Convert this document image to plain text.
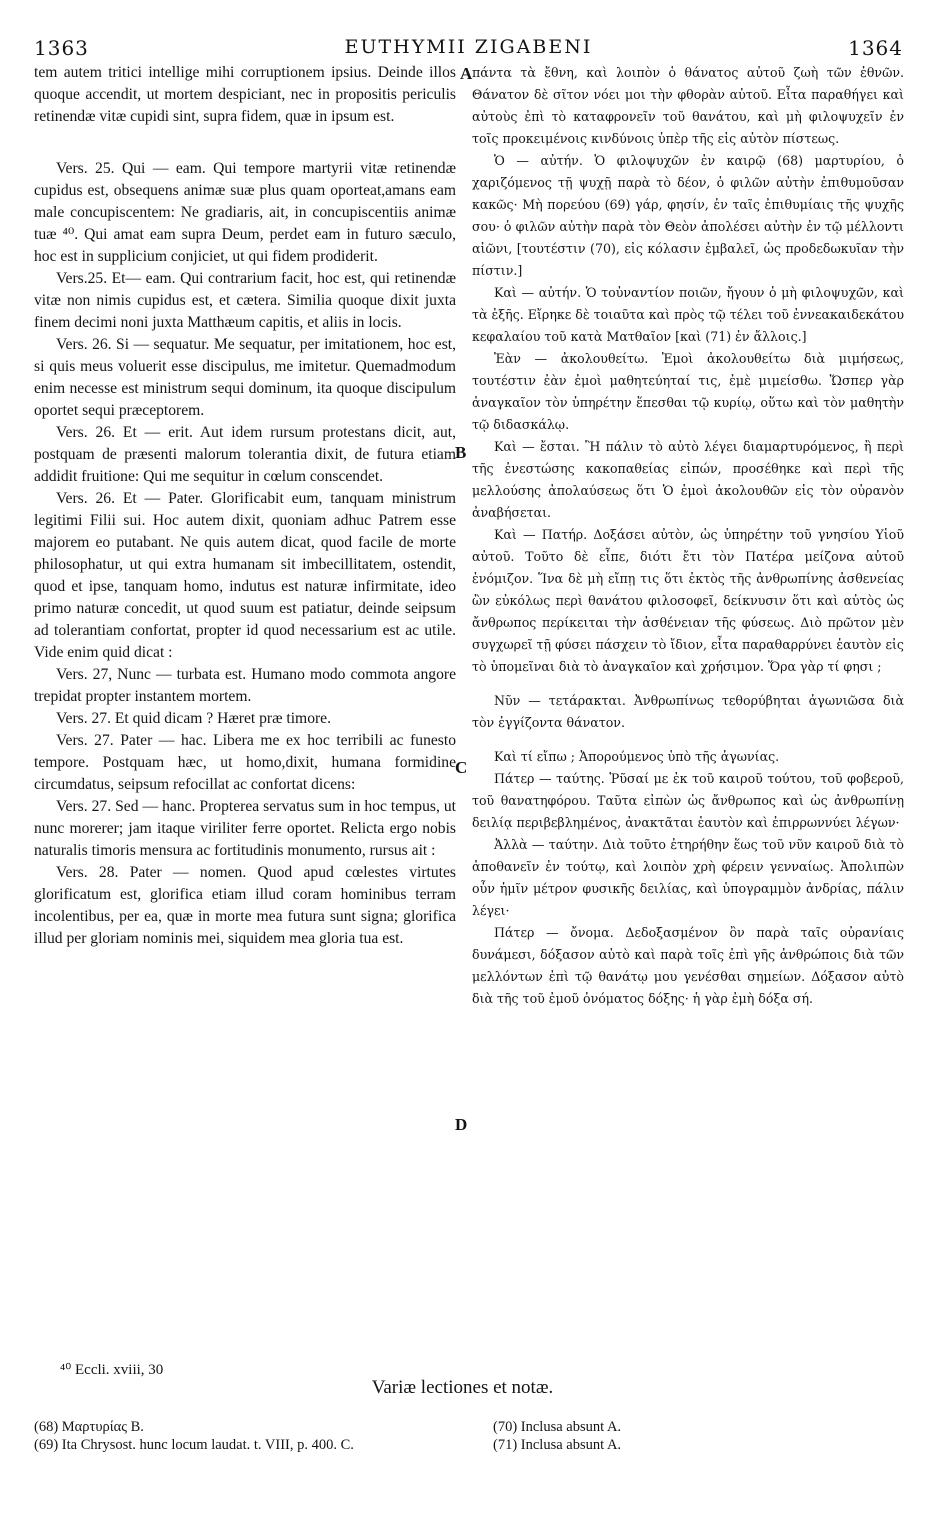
1363	EUTHYMII ZIGABENI	1364
A
B
C
D

tem autem tritici intellige mihi corruptionem ipsius. Deinde illos quoque accendit, ut mortem despiciant, nec in propositis periculis retinendæ vitæ cupidi sint, supra fidem, quæ in ipsum est.

Vers. 25. Qui — eam. Qui tempore martyrii vitæ retinendæ cupidus est, obsequens animæ suæ plus quam oporteat,amans eam male concupiscentem: Ne gradiaris, ait, in concupiscentiis animæ tuæ ⁴⁰. Qui amat eam supra Deum, perdet eam in futuro sæculo, hoc est in supplicium conjiciet, ut qui fidem prodiderit.

Vers.25. Et— eam. Qui contrarium facit, hoc est, qui retinendæ vitæ non nimis cupidus est, et cætera. Similia quoque dixit juxta finem decimi noni juxta Matthæum capitis, et aliis in locis.

Vers. 26. Si — sequatur. Me sequatur, per imitationem, hoc est, si quis meus voluerit esse discipulus, me imitetur. Quemadmodum enim necesse est ministrum sequi dominum, ita quoque discipulum oportet sequi præceptorem.

Vers. 26. Et — erit. Aut idem rursum protestans dicit, aut, postquam de præsenti malorum tolerantia dixit, de futura etiam addidit fruitione: Qui me sequitur in cœlum conscendet.

Vers. 26. Et — Pater. Glorificabit eum, tanquam ministrum legitimi Filii sui. Hoc autem dixit, quoniam adhuc Patrem esse majorem eo putabant. Ne quis autem dicat, quod facile de morte philosophatur, ut qui extra humanam sit imbecillitatem, ostendit, quod et ipse, tanquam homo, indutus est naturæ infirmitate, ideo primo naturæ concedit, ut quod suum est patiatur, deinde seipsum ad tolerantiam confortat, propter id quod necessarium est ac utile. Vide enim quid dicat :

Vers. 27, Nunc — turbata est. Humano modo commota angore trepidat propter instantem mortem.

Vers. 27. Et quid dicam ? Hæret præ timore.

Vers. 27. Pater — hac. Libera me ex hoc terribili ac funesto tempore. Postquam hæc, ut homo,dixit, humana formidine circumdatus, seipsum refocillat ac confortat dicens:

Vers. 27. Sed — hanc. Propterea servatus sum in hoc tempus, ut nunc morerer; jam itaque viriliter ferre oportet. Relicta ergo nobis naturalis timoris mensura ac fortitudinis monumento, rursus ait :

Vers. 28. Pater — nomen. Quod apud cœlestes virtutes glorificatum est, glorifica etiam illud coram hominibus terram incolentibus, per ea, quæ in morte mea futura sunt signa; glorifica illud per gloriam nominis mei, siquidem mea gloria tua est.

πάντα τὰ ἔθνη, καὶ λοιπὸν ὁ θάνατος αὐτοῦ ζωὴ τῶν ἐθνῶν. Θάνατον δὲ σῖτον νόει μοι τὴν φθορὰν αὐτοῦ. Εἶτα παραθήγει καὶ αὐτοὺς ἐπὶ τὸ καταφρονεῖν τοῦ θανάτου, καὶ μὴ φιλοψυχεῖν ἐν τοῖς προκειμένοις κινδύνοις ὑπὲρ τῆς εἰς αὐτὸν πίστεως.

Ὁ — αὐτήν. Ὁ φιλοψυχῶν ἐν καιρῷ (68) μαρτυρίου, ὁ χαριζόμενος τῇ ψυχῇ παρὰ τὸ δέον, ὁ φιλῶν αὐτὴν ἐπιθυμοῦσαν κακῶς· Μὴ πορεύου (69) γάρ, φησίν, ἐν ταῖς ἐπιθυμίαις τῆς ψυχῆς σου· ὁ φιλῶν αὐτὴν παρὰ τὸν Θεὸν ἀπολέσει αὐτὴν ἐν τῷ μέλλοντι αἰῶνι, [τουτέστιν (70), εἰς κόλασιν ἐμβαλεῖ, ὡς προδεδωκυῖαν τὴν πίστιν.]

Καὶ — αὐτήν. Ὁ τοὐναντίον ποιῶν, ἤγουν ὁ μὴ φιλοψυχῶν, καὶ τὰ ἑξῆς. Εἴρηκε δὲ τοιαῦτα καὶ πρὸς τῷ τέλει τοῦ ἐννεακαιδεκάτου κεφαλαίου τοῦ κατὰ Ματθαῖον [καὶ (71) ἐν ἄλλοις.]

Ἐὰν — ἀκολουθείτω. Ἐμοὶ ἀκολουθείτω διὰ μιμήσεως, τουτέστιν ἐὰν ἐμοὶ μαθητεύηταί τις, ἐμὲ μιμείσθω. Ὥσπερ γὰρ ἀναγκαῖον τὸν ὑπηρέτην ἕπεσθαι τῷ κυρίῳ, οὕτω καὶ τὸν μαθητὴν τῷ διδασκάλῳ.

Καὶ — ἔσται. Ἢ πάλιν τὸ αὐτὸ λέγει διαμαρτυρόμενος, ἢ περὶ τῆς ἐνεστώσης κακοπαθείας εἰπών, προσέθηκε καὶ περὶ τῆς μελλούσης ἀπολαύσεως ὅτι Ὁ ἐμοὶ ἀκολουθῶν εἰς τὸν οὐρανὸν ἀναβήσεται.

Καὶ — Πατήρ. Δοξάσει αὐτὸν, ὡς ὑπηρέτην τοῦ γνησίου Υἱοῦ αὐτοῦ. Τοῦτο δὲ εἶπε, διότι ἔτι τὸν Πατέρα μείζονα αὐτοῦ ἐνόμιζον. Ἵνα δὲ μὴ εἴπῃ τις ὅτι ἐκτὸς τῆς ἀνθρωπίνης ἀσθενείας ὢν εὐκόλως περὶ θανάτου φιλοσοφεῖ, δείκνυσιν ὅτι καὶ αὐτὸς ὡς ἄνθρωπος περίκειται τὴν ἀσθένειαν τῆς φύσεως. Διὸ πρῶτον μὲν συγχωρεῖ τῇ φύσει πάσχειν τὸ ἴδιον, εἶτα παραθαρρύνει ἑαυτὸν εἰς τὸ ὑπομεῖναι διὰ τὸ ἀναγκαῖον καὶ χρήσιμον. Ὅρα γὰρ τί φησι ;

Νῦν — τετάρακται. Ἀνθρωπίνως τεθορύβηται ἀγωνιῶσα διὰ τὸν ἐγγίζοντα θάνατον.

Καὶ τί εἴπω ; Ἀπορούμενος ὑπὸ τῆς ἀγωνίας.

Πάτερ — ταύτης. Ῥῦσαί με ἐκ τοῦ καιροῦ τούτου, τοῦ φοβεροῦ, τοῦ θανατηφόρου. Ταῦτα εἰπὼν ὡς ἄνθρωπος καὶ ὡς ἀνθρωπίνῃ δειλίᾳ περιβεβλημένος, ἀνακτᾶται ἑαυτὸν καὶ ἐπιρρωννύει λέγων·

Ἀλλὰ — ταύτην. Διὰ τοῦτο ἐτηρήθην ἕως τοῦ νῦν καιροῦ διὰ τὸ ἀποθανεῖν ἐν τούτῳ, καὶ λοιπὸν χρὴ φέρειν γενναίως. Ἀπολιπὼν οὖν ἡμῖν μέτρον φυσικῆς δειλίας, καὶ ὑπογραμμὸν ἀνδρίας, πάλιν λέγει·

Πάτερ — ὄνομα. Δεδοξασμένον ὂν παρὰ ταῖς οὐρανίαις δυνάμεσι, δόξασον αὐτὸ καὶ παρὰ τοῖς ἐπὶ γῆς ἀνθρώποις διὰ τῶν μελλόντων ἐπὶ τῷ θανάτῳ μου γενέσθαι σημείων. Δόξασον αὐτὸ διὰ τῆς τοῦ ἐμοῦ ὀνόματος δόξης· ἡ γὰρ ἐμὴ δόξα σή.

⁴⁰ Eccli. xviii, 30
Variæ lectiones et notæ.
(68) Μαρτυρίας B.
(69) Ita Chrysost. hunc locum laudat. t. VIII, p. 400. C.
(70) Inclusa absunt A.
(71) Inclusa absunt A.
